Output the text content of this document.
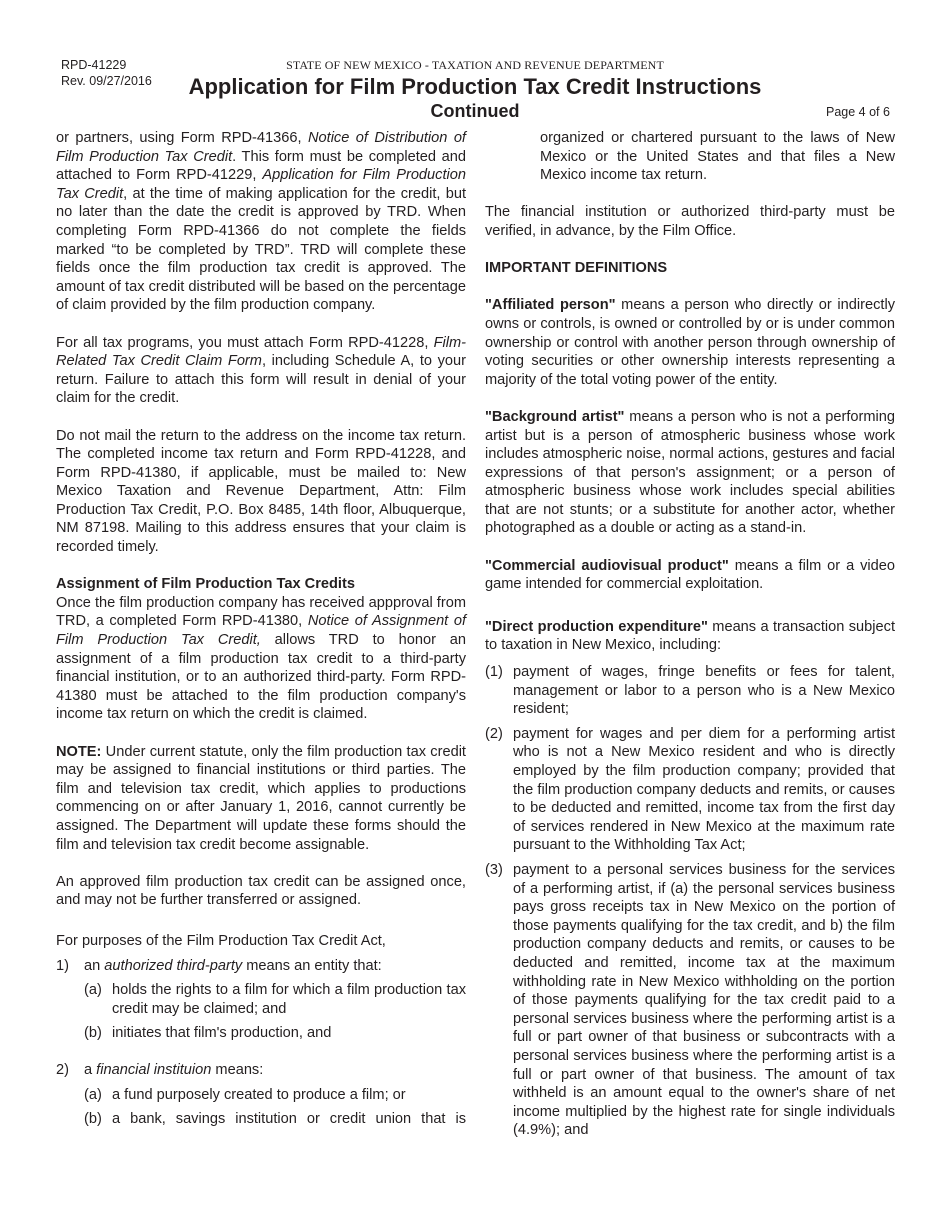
RPD-41229
Rev. 09/27/2016
STATE OF NEW MEXICO - TAXATION AND REVENUE DEPARTMENT
Application for Film Production Tax Credit Instructions
Continued	Page 4 of 6

or partners, using Form RPD-41366, Notice of Distribution of Film Production Tax Credit. This form must be completed and attached to Form RPD-41229, Application for Film Production Tax Credit, at the time of making application for the credit, but no later than the date the credit is approved by TRD. When completing Form RPD-41366 do not complete the fields marked “to be completed by TRD”. TRD will complete these fields once the film production tax credit is approved. The amount of tax credit distributed will be based on the percentage of claim provided by the film production company.

For all tax programs, you must attach Form RPD-41228, Film-Related Tax Credit Claim Form, including Schedule A, to your return. Failure to attach this form will result in denial of your claim for the credit.

Do not mail the return to the address on the income tax return. The completed income tax return and Form RPD-41228, and Form RPD-41380, if applicable, must be mailed to: New Mexico Taxation and Revenue Department, Attn: Film Production Tax Credit, P.O. Box 8485, 14th floor, Albuquerque, NM 87198. Mailing to this address ensures that your claim is recorded timely.

Assignment of Film Production Tax Credits

Once the film production company has received appproval from TRD, a completed Form RPD-41380, Notice of Assignment of Film Production Tax Credit, allows TRD to honor an assignment of a film production tax credit to a third-party financial institution, or to an authorized third-party. Form RPD-41380 must be attached to the film production company's income tax return on which the credit is claimed.

NOTE: Under current statute, only the film production tax credit may be assigned to financial institutions or third parties. The film and television tax credit, which applies to productions commencing on or after January 1, 2016, cannot currently be assigned. The Department will update these forms should the film and television tax credit become assignable.

An approved film production tax credit can be assigned once, and may not be further transferred or assigned.

For purposes of the Film Production Tax Credit Act,
1)	an authorized third-party means an entity that:
(a) holds the rights to a film for which a film production tax credit may be claimed; and
(b) initiates that film's production, and
2)	a financial instituion means:
(a) a fund purposely created to produce a film; or
(b) a bank, savings institution or credit union that is

organized or chartered pursuant to the laws of New Mexico or the United States and that files a New Mexico income tax return.

The financial institution or authorized third-party must be verified, in advance, by the Film Office.

IMPORTANT DEFINITIONS

"Affiliated person" means a person who directly or indirectly owns or controls, is owned or controlled by or is under common ownership or control with another person through ownership of voting securities or other ownership interests representing a majority of the total voting power of the entity.

"Background artist" means a person who is not a performing artist but is a person of atmospheric business whose work includes atmospheric noise, normal actions, gestures and facial expressions of that person's assignment; or a person of atmospheric business whose work includes special abilities that are not stunts; or a substitute for another actor, whether photographed as a double or acting as a stand-in.

"Commercial audiovisual product" means a film or a video game intended for commercial exploitation.

"Direct production expenditure" means a transaction subject to taxation in New Mexico, including:

(1) payment of wages, fringe benefits or fees for talent, management or labor to a person who is a New Mexico resident;
(2) payment for wages and per diem for a performing artist who is not a New Mexico resident and who is directly employed by the film production company; provided that the film production company deducts and remits, or causes to be deducted and remitted, income tax from the first day of services rendered in New Mexico at the maximum rate pursuant to the Withholding Tax Act;
(3) payment to a personal services business for the services of a performing artist, if (a) the personal services business pays gross receipts tax in New Mexico on the portion of those payments qualifying for the tax credit, and b) the film production company deducts and remits, or causes to be deducted and remitted, income tax at the maximum withholding rate in New Mexico withholding on the portion of those payments qualifying for the tax credit paid to a personal services business where the performing artist is a full or part owner of that business or subcontracts with a personal services business where the performing artist is a full or part owner of that business. The amount of tax withheld is an amount equal to the owner's share of net income multiplied by the highest rate for single individuals (4.9%); and
